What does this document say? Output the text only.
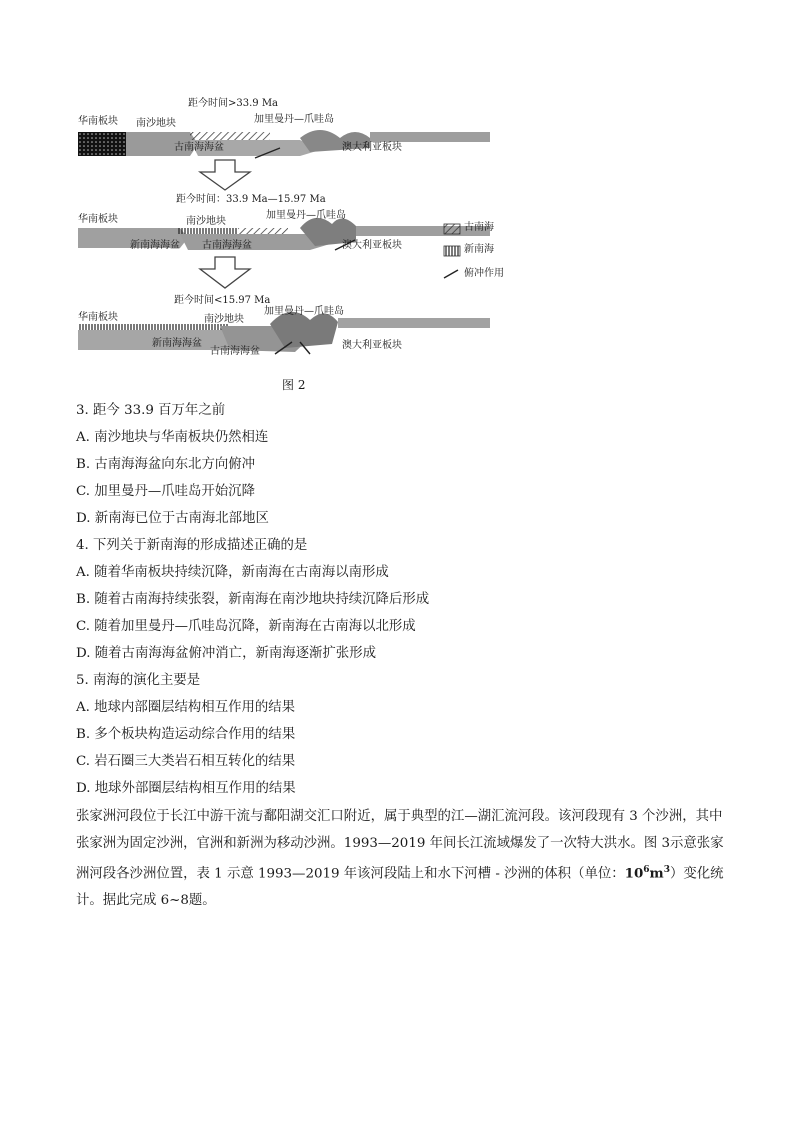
距今时间>33.9 Ma
华南板块 南沙地块	加里曼丹—爪哇岛
古南海海盆	澳大利亚板块
距今时间：33.9 Ma—15.97 Ma
华南板块	南沙地块
加里曼丹—爪哇岛
新南海海盆 古南海海盆	澳大利亚板块
距今时间<15.97 Ma
华南板块	南沙地块
加里曼丹—爪哇岛
新南海海盆
古南海海盆
澳大利亚板块
古南海
新南海
俯冲作用
图 2
3. 距今 33.9 百万年之前
A. 南沙地块与华南板块仍然相连
B. 古南海海盆向东北方向俯冲
C. 加里曼丹—爪哇岛开始沉降
D. 新南海已位于古南海北部地区
4. 下列关于新南海的形成描述正确的是
A. 随着华南板块持续沉降，新南海在古南海以南形成
B. 随着古南海持续张裂，新南海在南沙地块持续沉降后形成
C. 随着加里曼丹—爪哇岛沉降，新南海在古南海以北形成
D. 随着古南海海盆俯冲消亡，新南海逐渐扩张形成
5. 南海的演化主要是
A. 地球内部圈层结构相互作用的结果
B. 多个板块构造运动综合作用的结果
C. 岩石圈三大类岩石相互转化的结果
D. 地球外部圈层结构相互作用的结果
张家洲河段位于长江中游干流与鄱阳湖交汇口附近，属于典型的江—湖汇流河段。该河段现有 3 个沙洲，其中张家洲为固定沙洲，官洲和新洲为移动沙洲。1993—2019 年间长江流域爆发了一次特大洪水。图 3示意张家洲河段各沙洲位置，表 1 示意 1993—2019 年该河段陆上和水下河槽 - 沙洲的体积（单位：$10^6m^3$）变化统计。据此完成 6~8题。
